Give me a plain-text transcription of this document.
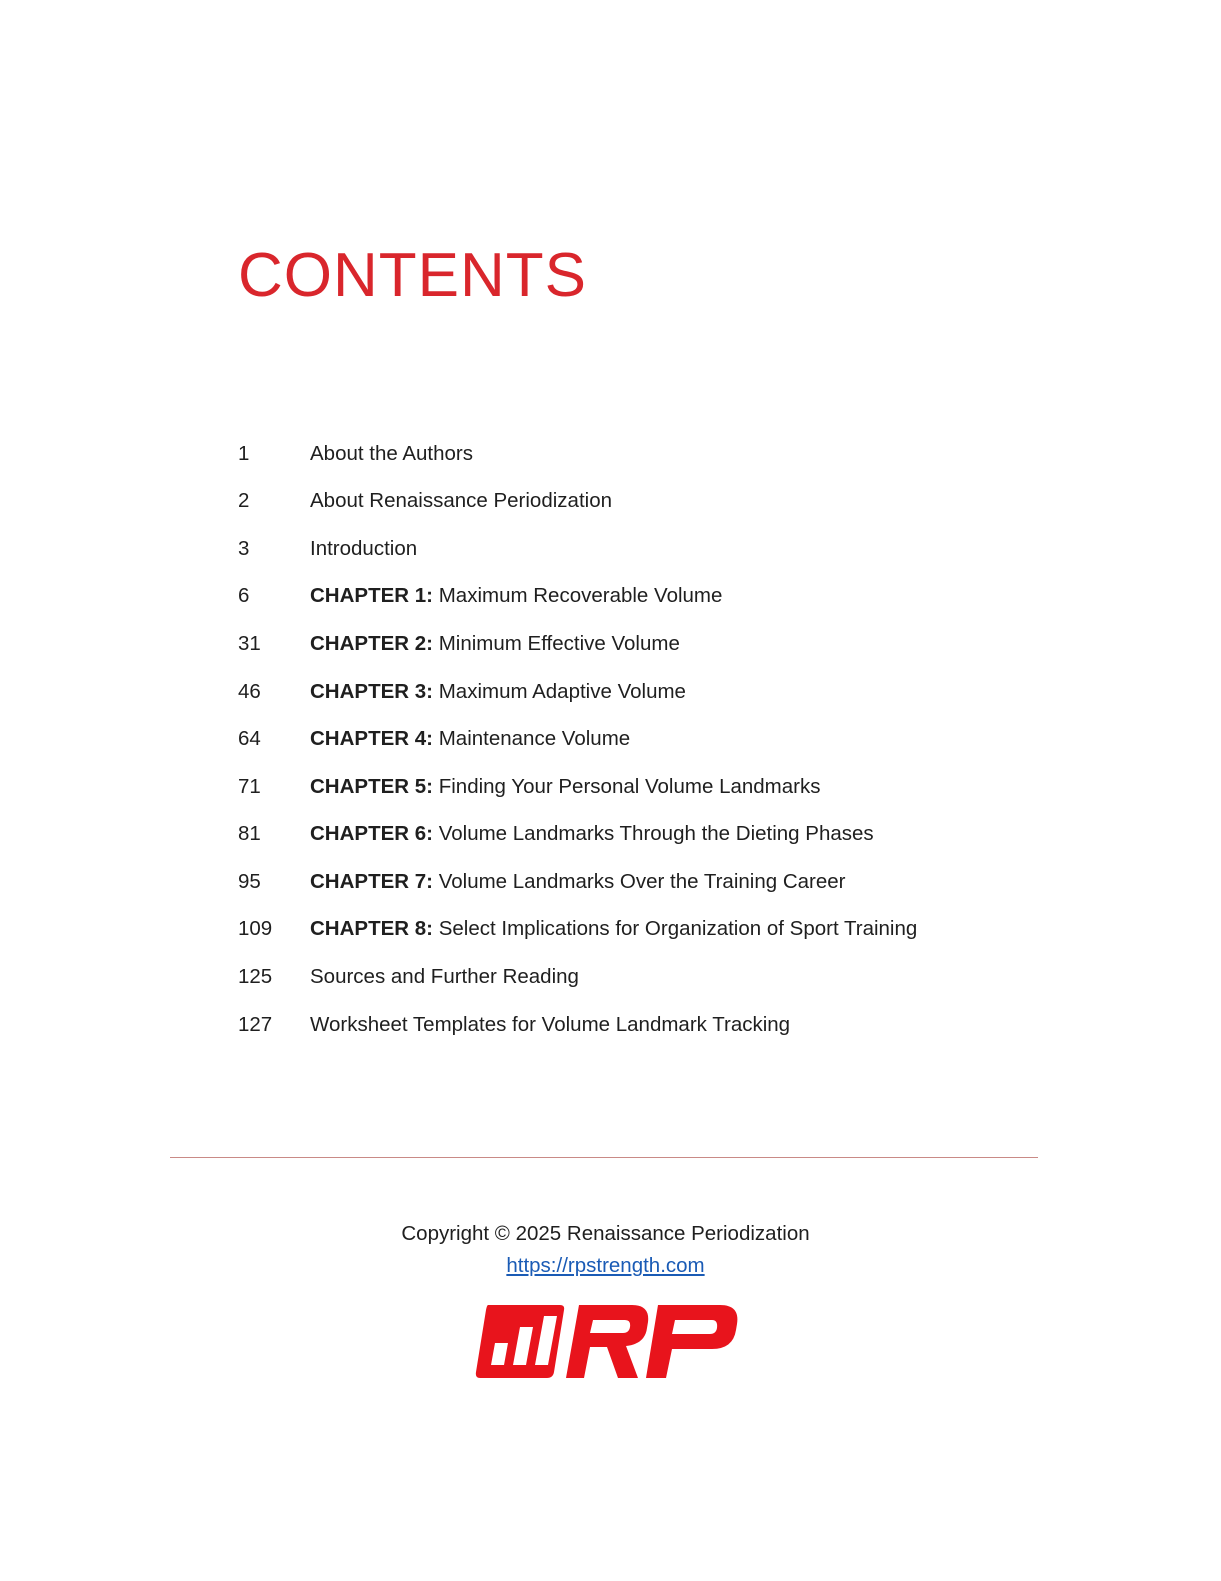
CONTENTS
1	About the Authors
2	About Renaissance Periodization
3	Introduction
6	CHAPTER 1: Maximum Recoverable Volume
31	CHAPTER 2: Minimum Effective Volume
46	CHAPTER 3: Maximum Adaptive Volume
64	CHAPTER 4: Maintenance Volume
71	CHAPTER 5: Finding Your Personal Volume Landmarks
81	CHAPTER 6: Volume Landmarks Through the Dieting Phases
95	CHAPTER 7: Volume Landmarks Over the Training Career
109	CHAPTER 8: Select Implications for Organization of Sport Training
125	Sources and Further Reading
127	Worksheet Templates for Volume Landmark Tracking
Copyright © 2025 Renaissance Periodization
https://rpstrength.com
